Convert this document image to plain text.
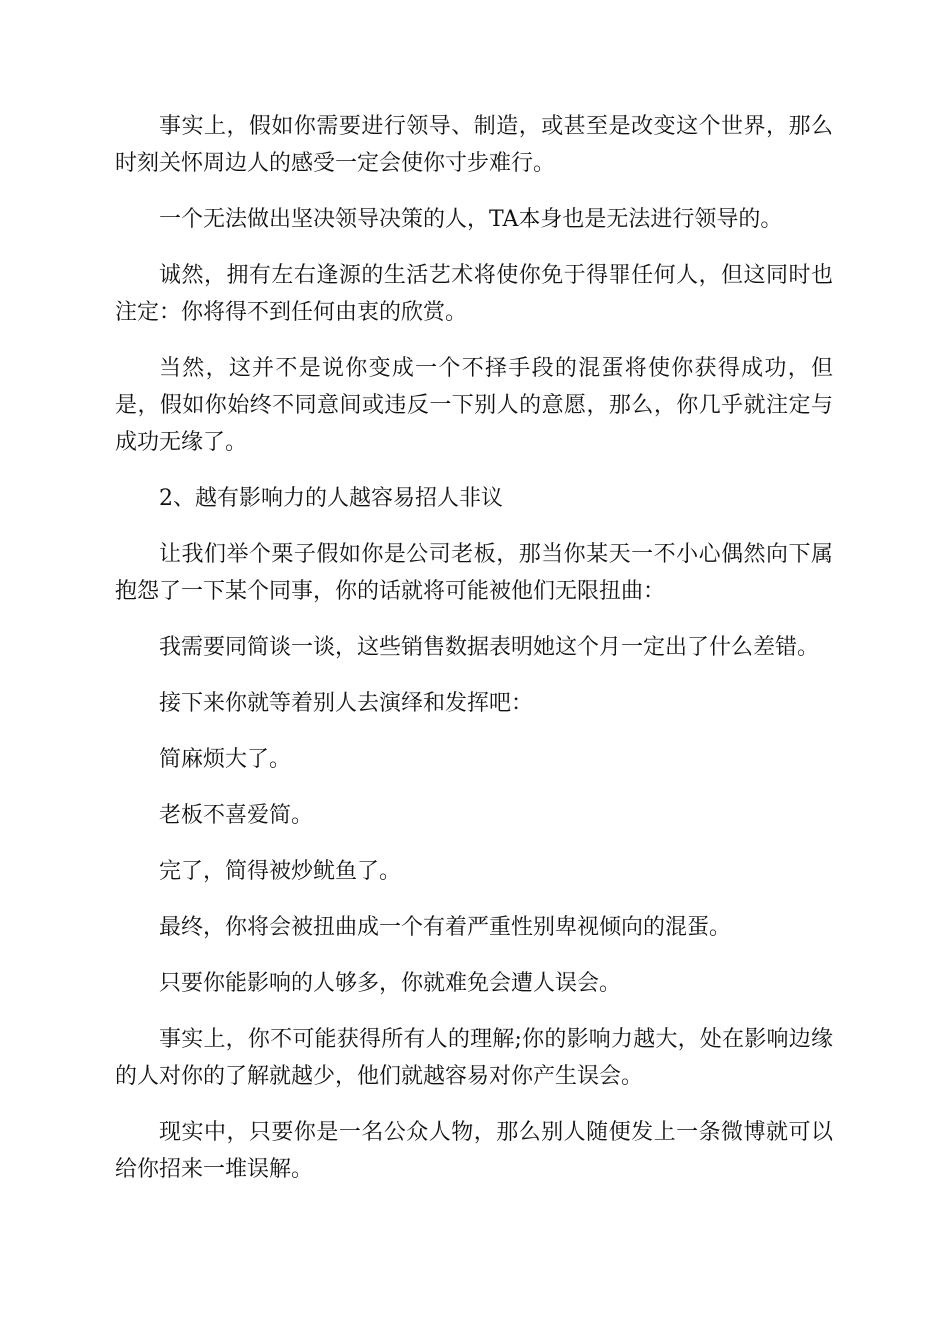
事实上，假如你需要进行领导、制造，或甚至是改变这个世界，那么时刻关怀周边人的感受一定会使你寸步难行。

一个无法做出坚决领导决策的人，TA本身也是无法进行领导的。

诚然，拥有左右逢源的生活艺术将使你免于得罪任何人，但这同时也注定：你将得不到任何由衷的欣赏。

当然，这并不是说你变成一个不择手段的混蛋将使你获得成功，但是，假如你始终不同意间或违反一下别人的意愿，那么，你几乎就注定与成功无缘了。

2、越有影响力的人越容易招人非议

让我们举个栗子假如你是公司老板，那当你某天一不小心偶然向下属抱怨了一下某个同事，你的话就将可能被他们无限扭曲：

我需要同简谈一谈，这些销售数据表明她这个月一定出了什么差错。

接下来你就等着别人去演绎和发挥吧：

简麻烦大了。

老板不喜爱简。

完了，简得被炒鱿鱼了。

最终，你将会被扭曲成一个有着严重性别卑视倾向的混蛋。

只要你能影响的人够多，你就难免会遭人误会。

事实上，你不可能获得所有人的理解;你的影响力越大，处在影响边缘的人对你的了解就越少，他们就越容易对你产生误会。

现实中，只要你是一名公众人物，那么别人随便发上一条微博就可以给你招来一堆误解。
